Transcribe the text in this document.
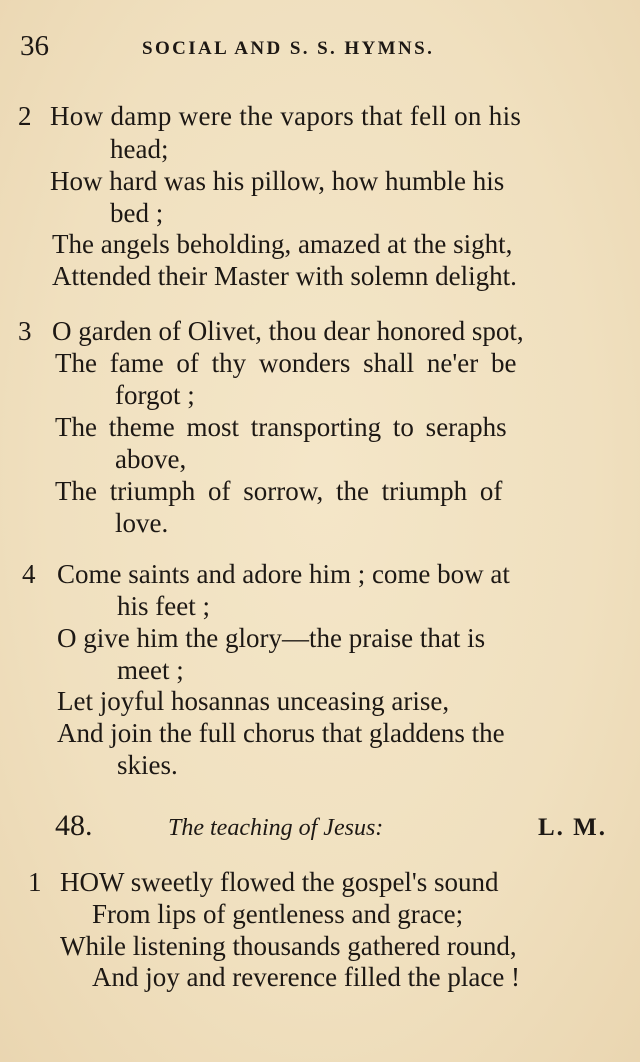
36	SOCIAL AND S. S. HYMNS.
2 How damp were the vapors that fell on his
head;
How hard was his pillow, how humble his
bed ;
The angels beholding, amazed at the sight,
Attended their Master with solemn delight.
3 O garden of Olivet, thou dear honored spot,
The fame of thy wonders shall ne'er be
forgot ;
The theme most transporting to seraphs
above,
The triumph of sorrow, the triumph of
love.
4 Come saints and adore him ; come bow at
his feet ;
O give him the glory—the praise that is
meet ;
Let joyful hosannas unceasing arise,
And join the full chorus that gladdens the
skies.
48.	The teaching of Jesus:	L. M.
1 HOW sweetly flowed the gospel's sound
From lips of gentleness and grace;
While listening thousands gathered round,
And joy and reverence filled the place !
